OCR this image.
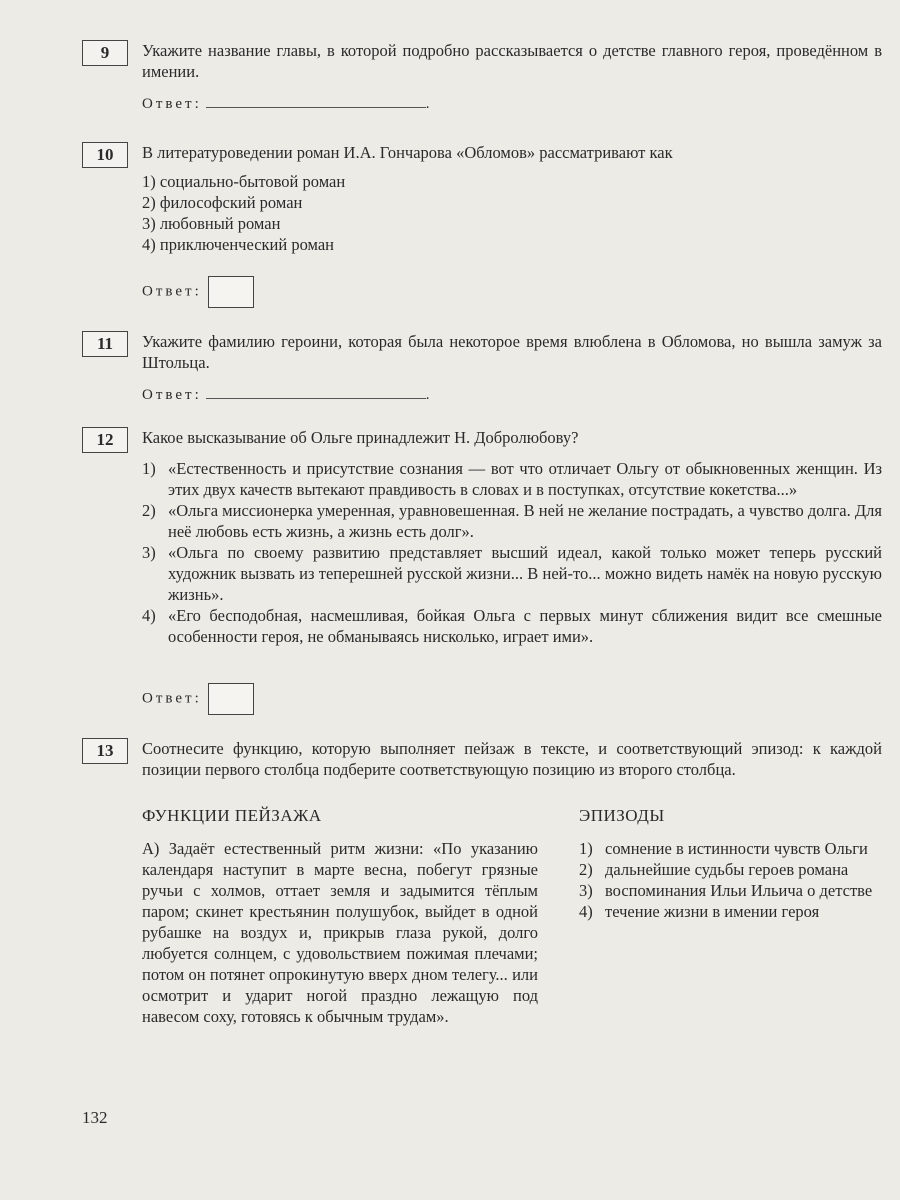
9	Укажите название главы, в которой подробно рассказывается о детстве главного героя, проведённом в имении.
Ответ:	.
10	В литературоведении роман И.А. Гончарова «Обломов» рассматривают как
1) социально-бытовой роман
2) философский роман
3) любовный роман
4) приключенческий роман
Ответ:
11	Укажите фамилию героини, которая была некоторое время влюблена в Обломова, но вышла замуж за Штольца.
Ответ:	.
12	Какое высказывание об Ольге принадлежит Н. Добролюбову?
1) «Естественность и присутствие сознания — вот что отличает Ольгу от обыкновенных женщин. Из этих двух качеств вытекают правдивость в словах и в поступках, отсутствие кокетства...»
2) «Ольга миссионерка умеренная, уравновешенная. В ней не желание пострадать, а чувство долга. Для неё любовь есть жизнь, а жизнь есть долг».
3) «Ольга по своему развитию представляет высший идеал, какой только может теперь русский художник вызвать из теперешней русской жизни... В ней-то... можно видеть намёк на новую русскую жизнь».
4) «Его бесподобная, насмешливая, бойкая Ольга с первых минут сближения видит все смешные особенности героя, не обманываясь нисколько, играет ими».
Ответ:
13	Соотнесите функцию, которую выполняет пейзаж в тексте, и соответствующий эпизод: к каждой позиции первого столбца подберите соответствующую позицию из второго столбца.
ФУНКЦИИ ПЕЙЗАЖА
А) Задаёт естественный ритм жизни: «По указанию календаря наступит в марте весна, побегут грязные ручьи с холмов, оттает земля и задымится тёплым паром; скинет крестьянин полушубок, выйдет в одной рубашке на воздух и, прикрыв глаза рукой, долго любуется солнцем, с удовольствием пожимая плечами; потом он потянет опрокинутую вверх дном телегу... или осмотрит и ударит ногой праздно лежащую под навесом соху, готовясь к обычным трудам».
ЭПИЗОДЫ
1) сомнение в истинности чувств Ольги
2) дальнейшие судьбы героев романа
3) воспоминания Ильи Ильича о детстве
4) течение жизни в имении героя
132
